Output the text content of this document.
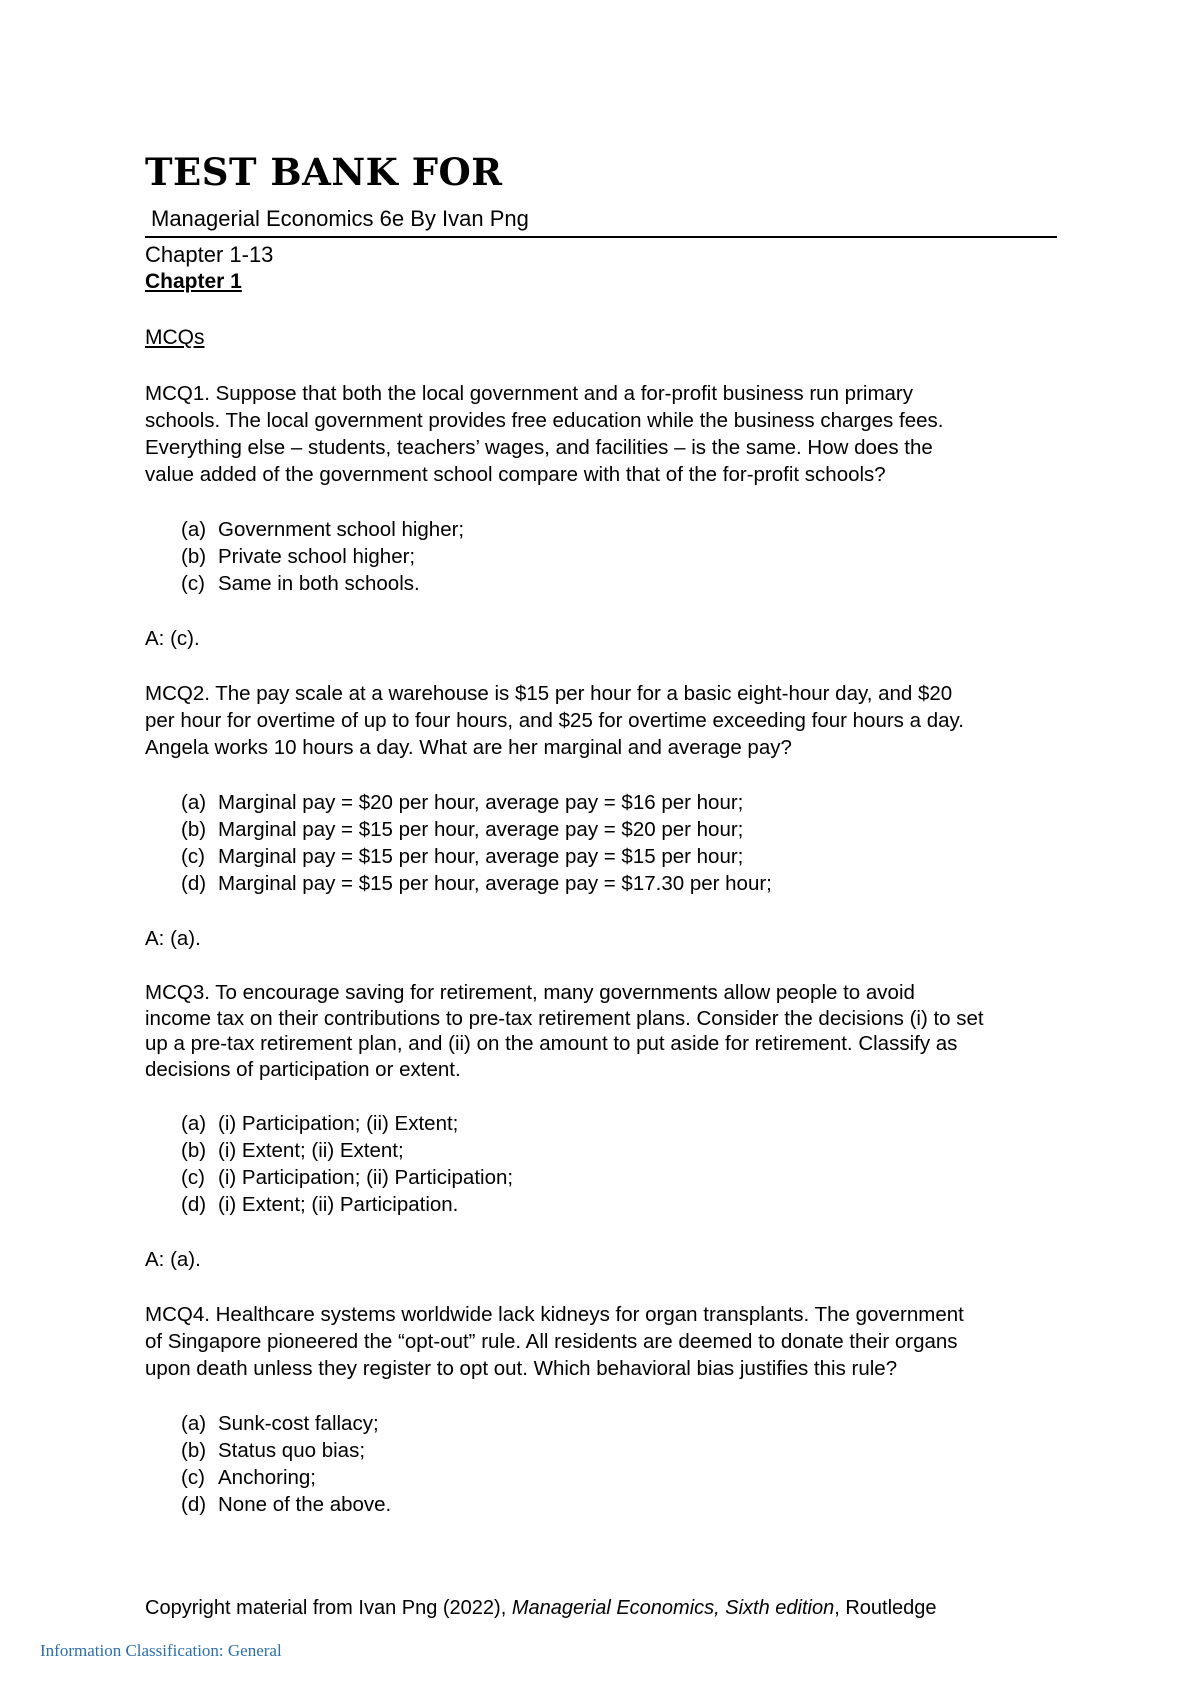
TEST BANK FOR
Managerial Economics 6e By Ivan Png
Chapter 1-13
Chapter 1
MCQs

MCQ1. Suppose that both the local government and a for-profit business run primary
schools. The local government provides free education while the business charges fees.
Everything else – students, teachers’ wages, and facilities – is the same. How does the
value added of the government school compare with that of the for-profit schools?

(a) Government school higher;
(b) Private school higher;
(c) Same in both schools.

A: (c).

MCQ2. The pay scale at a warehouse is $15 per hour for a basic eight-hour day, and $20
per hour for overtime of up to four hours, and $25 for overtime exceeding four hours a day.
Angela works 10 hours a day. What are her marginal and average pay?

(a) Marginal pay = $20 per hour, average pay = $16 per hour;
(b) Marginal pay = $15 per hour, average pay = $20 per hour;
(c) Marginal pay = $15 per hour, average pay = $15 per hour;
(d) Marginal pay = $15 per hour, average pay = $17.30 per hour;

A: (a).

MCQ3. To encourage saving for retirement, many governments allow people to avoid
income tax on their contributions to pre-tax retirement plans. Consider the decisions (i) to set
up a pre-tax retirement plan, and (ii) on the amount to put aside for retirement. Classify as
decisions of participation or extent.

(a) (i) Participation; (ii) Extent;
(b) (i) Extent; (ii) Extent;
(c) (i) Participation; (ii) Participation;
(d) (i) Extent; (ii) Participation.

A: (a).

MCQ4. Healthcare systems worldwide lack kidneys for organ transplants. The government
of Singapore pioneered the “opt-out” rule. All residents are deemed to donate their organs
upon death unless they register to opt out. Which behavioral bias justifies this rule?

(a) Sunk-cost fallacy;
(b) Status quo bias;
(c) Anchoring;
(d) None of the above.
Copyright material from Ivan Png (2022), Managerial Economics, Sixth edition, Routledge
Information Classification: General
